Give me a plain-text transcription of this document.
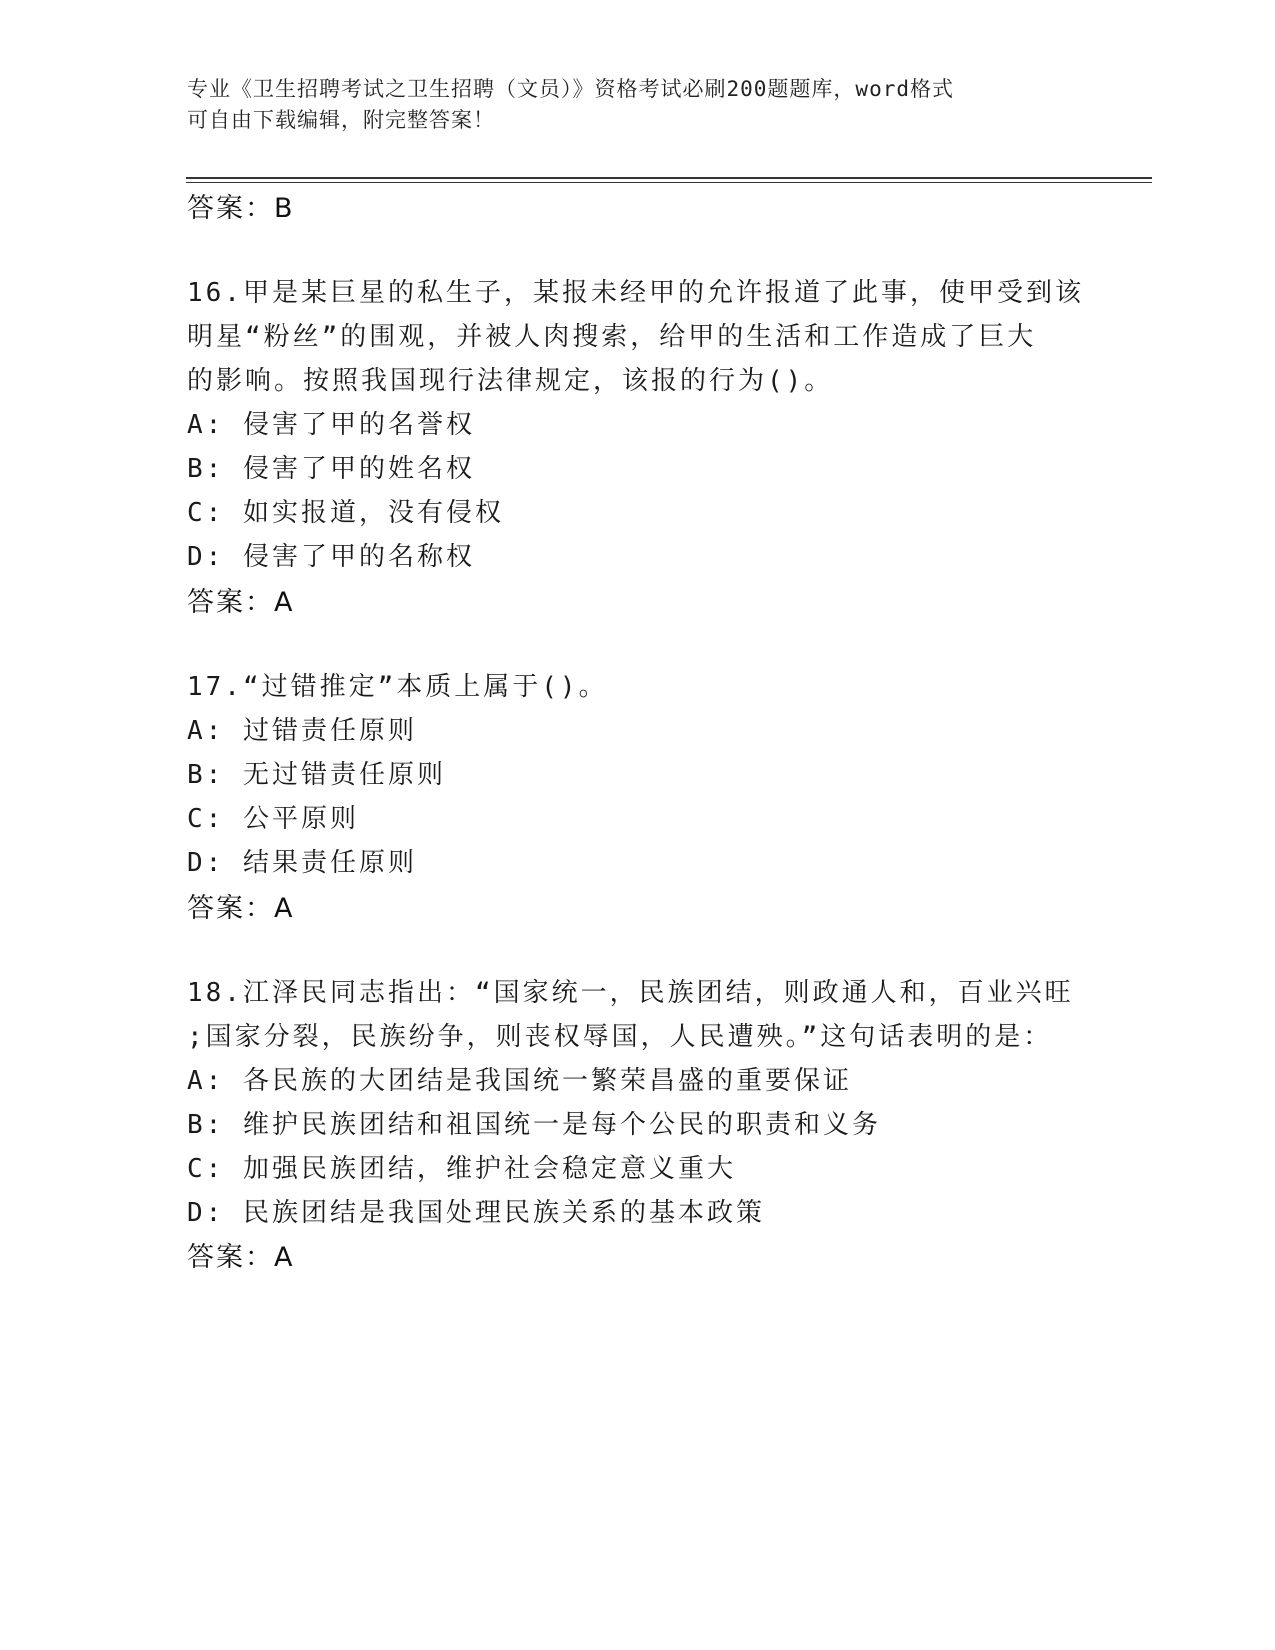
专业《卫生招聘考试之卫生招聘（文员）》资格考试必刷200题题库，word格式
可自由下载编辑，附完整答案！
答案：B
16.甲是某巨星的私生子，某报未经甲的允许报道了此事，使甲受到该
明星“粉丝”的围观，并被人肉搜索，给甲的生活和工作造成了巨大
的影响。按照我国现行法律规定，该报的行为()。
A: 侵害了甲的名誉权
B: 侵害了甲的姓名权
C: 如实报道，没有侵权
D: 侵害了甲的名称权
答案：A
17.“过错推定”本质上属于()。
A: 过错责任原则
B: 无过错责任原则
C: 公平原则
D: 结果责任原则
答案：A
18.江泽民同志指出：“国家统一，民族团结，则政通人和，百业兴旺
;国家分裂，民族纷争，则丧权辱国，人民遭殃。”这句话表明的是：
A: 各民族的大团结是我国统一繁荣昌盛的重要保证
B: 维护民族团结和祖国统一是每个公民的职责和义务
C: 加强民族团结，维护社会稳定意义重大
D: 民族团结是我国处理民族关系的基本政策
答案：A
